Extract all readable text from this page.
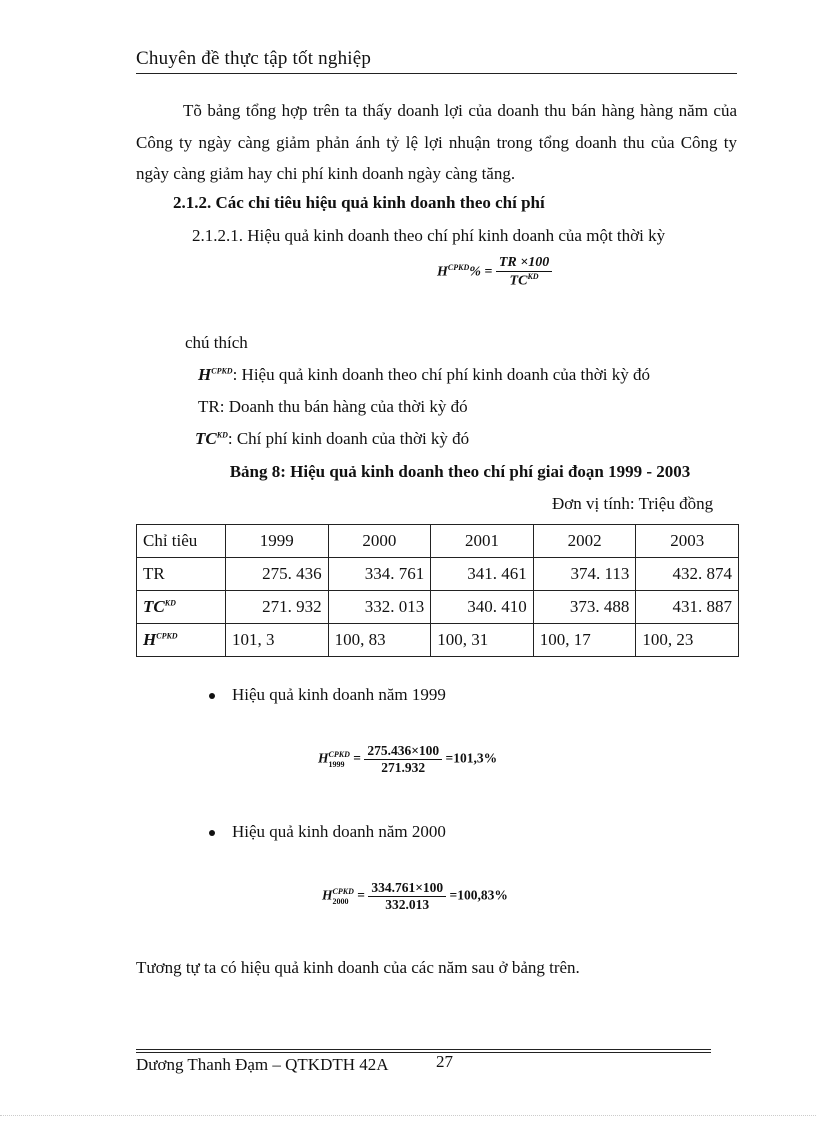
Chuyên đề thực tập tốt nghiệp

Tõ bảng tổng hợp trên ta thấy doanh lợi của doanh thu bán hàng hàng năm của Công ty ngày càng giảm phản ánh tỷ lệ lợi nhuận trong tổng doanh thu của Công ty ngày càng giảm hay chi phí kinh doanh ngày càng tăng.

2.1.2. Các chỉ tiêu hiệu quả kinh doanh theo chí phí
2.1.2.1. Hiệu quả kinh doanh theo chí phí kinh doanh của một thời kỳ
$H^{CPKD}\% = \frac{TR \times 100}{TC^{KD}}$
chú thích
$H^{CPKD}$: Hiệu quả kinh doanh theo chí phí kinh doanh của thời kỳ đó
TR: Doanh thu bán hàng của thời kỳ đó
$TC^{KD}$: Chí phí kinh doanh của thời kỳ đó
Bảng 8: Hiệu quả kinh doanh theo chí phí giai đoạn 1999 - 2003
Đơn vị tính: Triệu đồng
Chỉ tiêu	1999	2000	2001	2002	2003
TR	275. 436	334. 761	341. 461	374. 113	432. 874
$TC^{KD}$	271. 932	332. 013	340. 410	373. 488	431. 887
$H^{CPKD}$	101, 3	100, 83	100, 31	100, 17	100, 23
Hiệu quả kinh doanh năm 1999
HCPKD
$1999 = \frac{275.436\times 100}{271.932} =101,3\%$
Hiệu quả kinh doanh năm 2000
HCPKD
$2000 = \frac{334.761\times 100}{332.013} =100,83\%$
Tương tự ta có hiệu quả kinh doanh của các năm sau ở bảng trên.
Dương Thanh Đạm – QTKDTH 42A	27
